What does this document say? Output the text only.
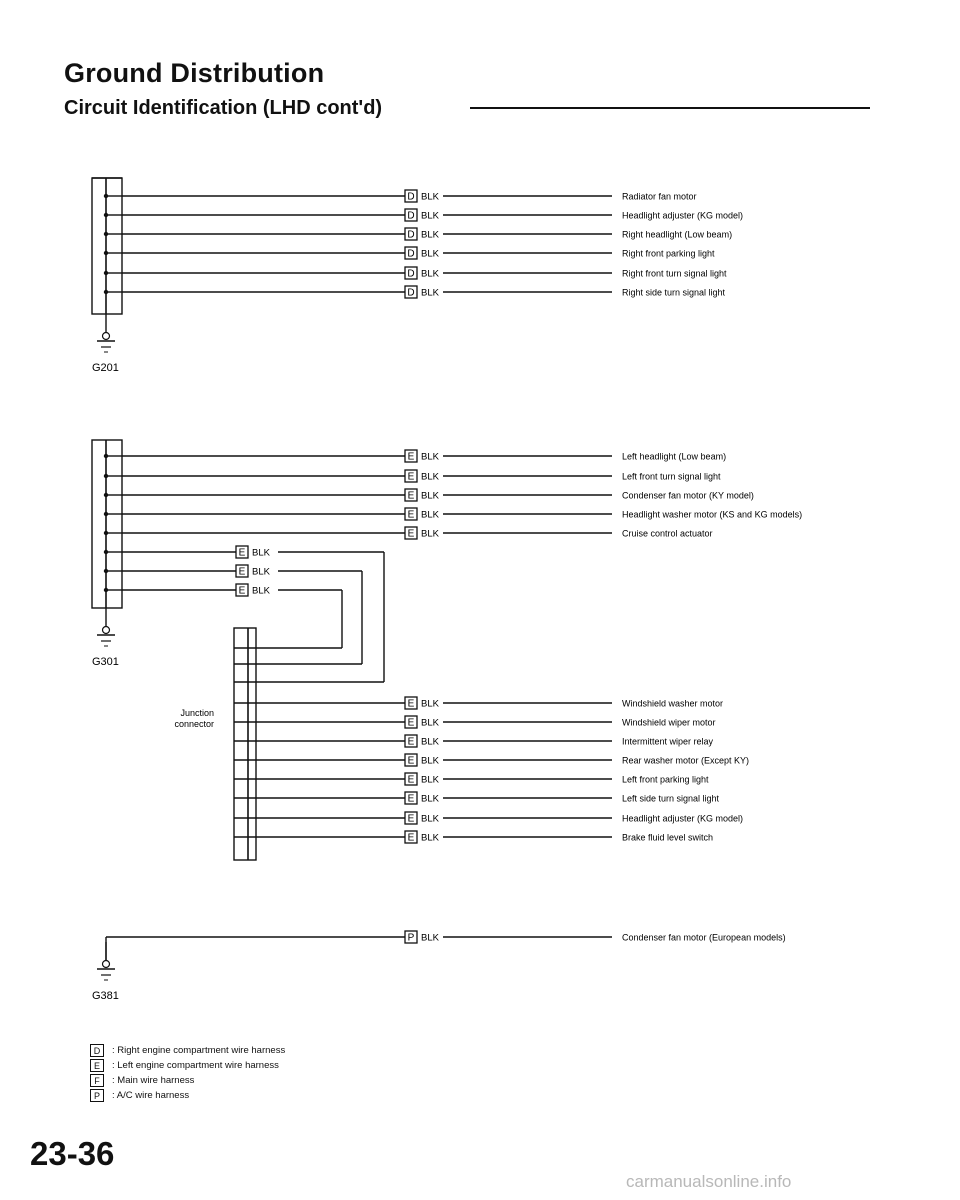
Ground Distribution
Circuit Identification (LHD cont'd)
D BLK	Radiator fan motor
D BLK	Headlight adjuster (KG model)
D BLK	Right headlight (Low beam)
D BLK	Right front parking light
D BLK	Right front turn signal light
D BLK	Right side turn signal light
G201
E BLK	Left headlight (Low beam)
E BLK	Left front turn signal light
E BLK	Condenser fan motor (KY model)
E BLK	Headlight washer motor (KS and KG models)
E BLK	Cruise control actuator
E BLK
E BLK
E BLK
G301
Junction
connector
E BLK	Windshield washer motor
E BLK	Windshield wiper motor
E BLK	Intermittent wiper relay
E BLK	Rear washer motor (Except KY)
E BLK	Left front parking light
E BLK	Left side turn signal light
E BLK	Headlight adjuster (KG model)
E BLK	Brake fluid level switch
P BLK	Condenser fan motor (European models)
G381
D	: Right engine compartment wire harness
E	: Left engine compartment wire harness
F	: Main wire harness
P	: A/C wire harness
23-36
carmanualsonline.info
